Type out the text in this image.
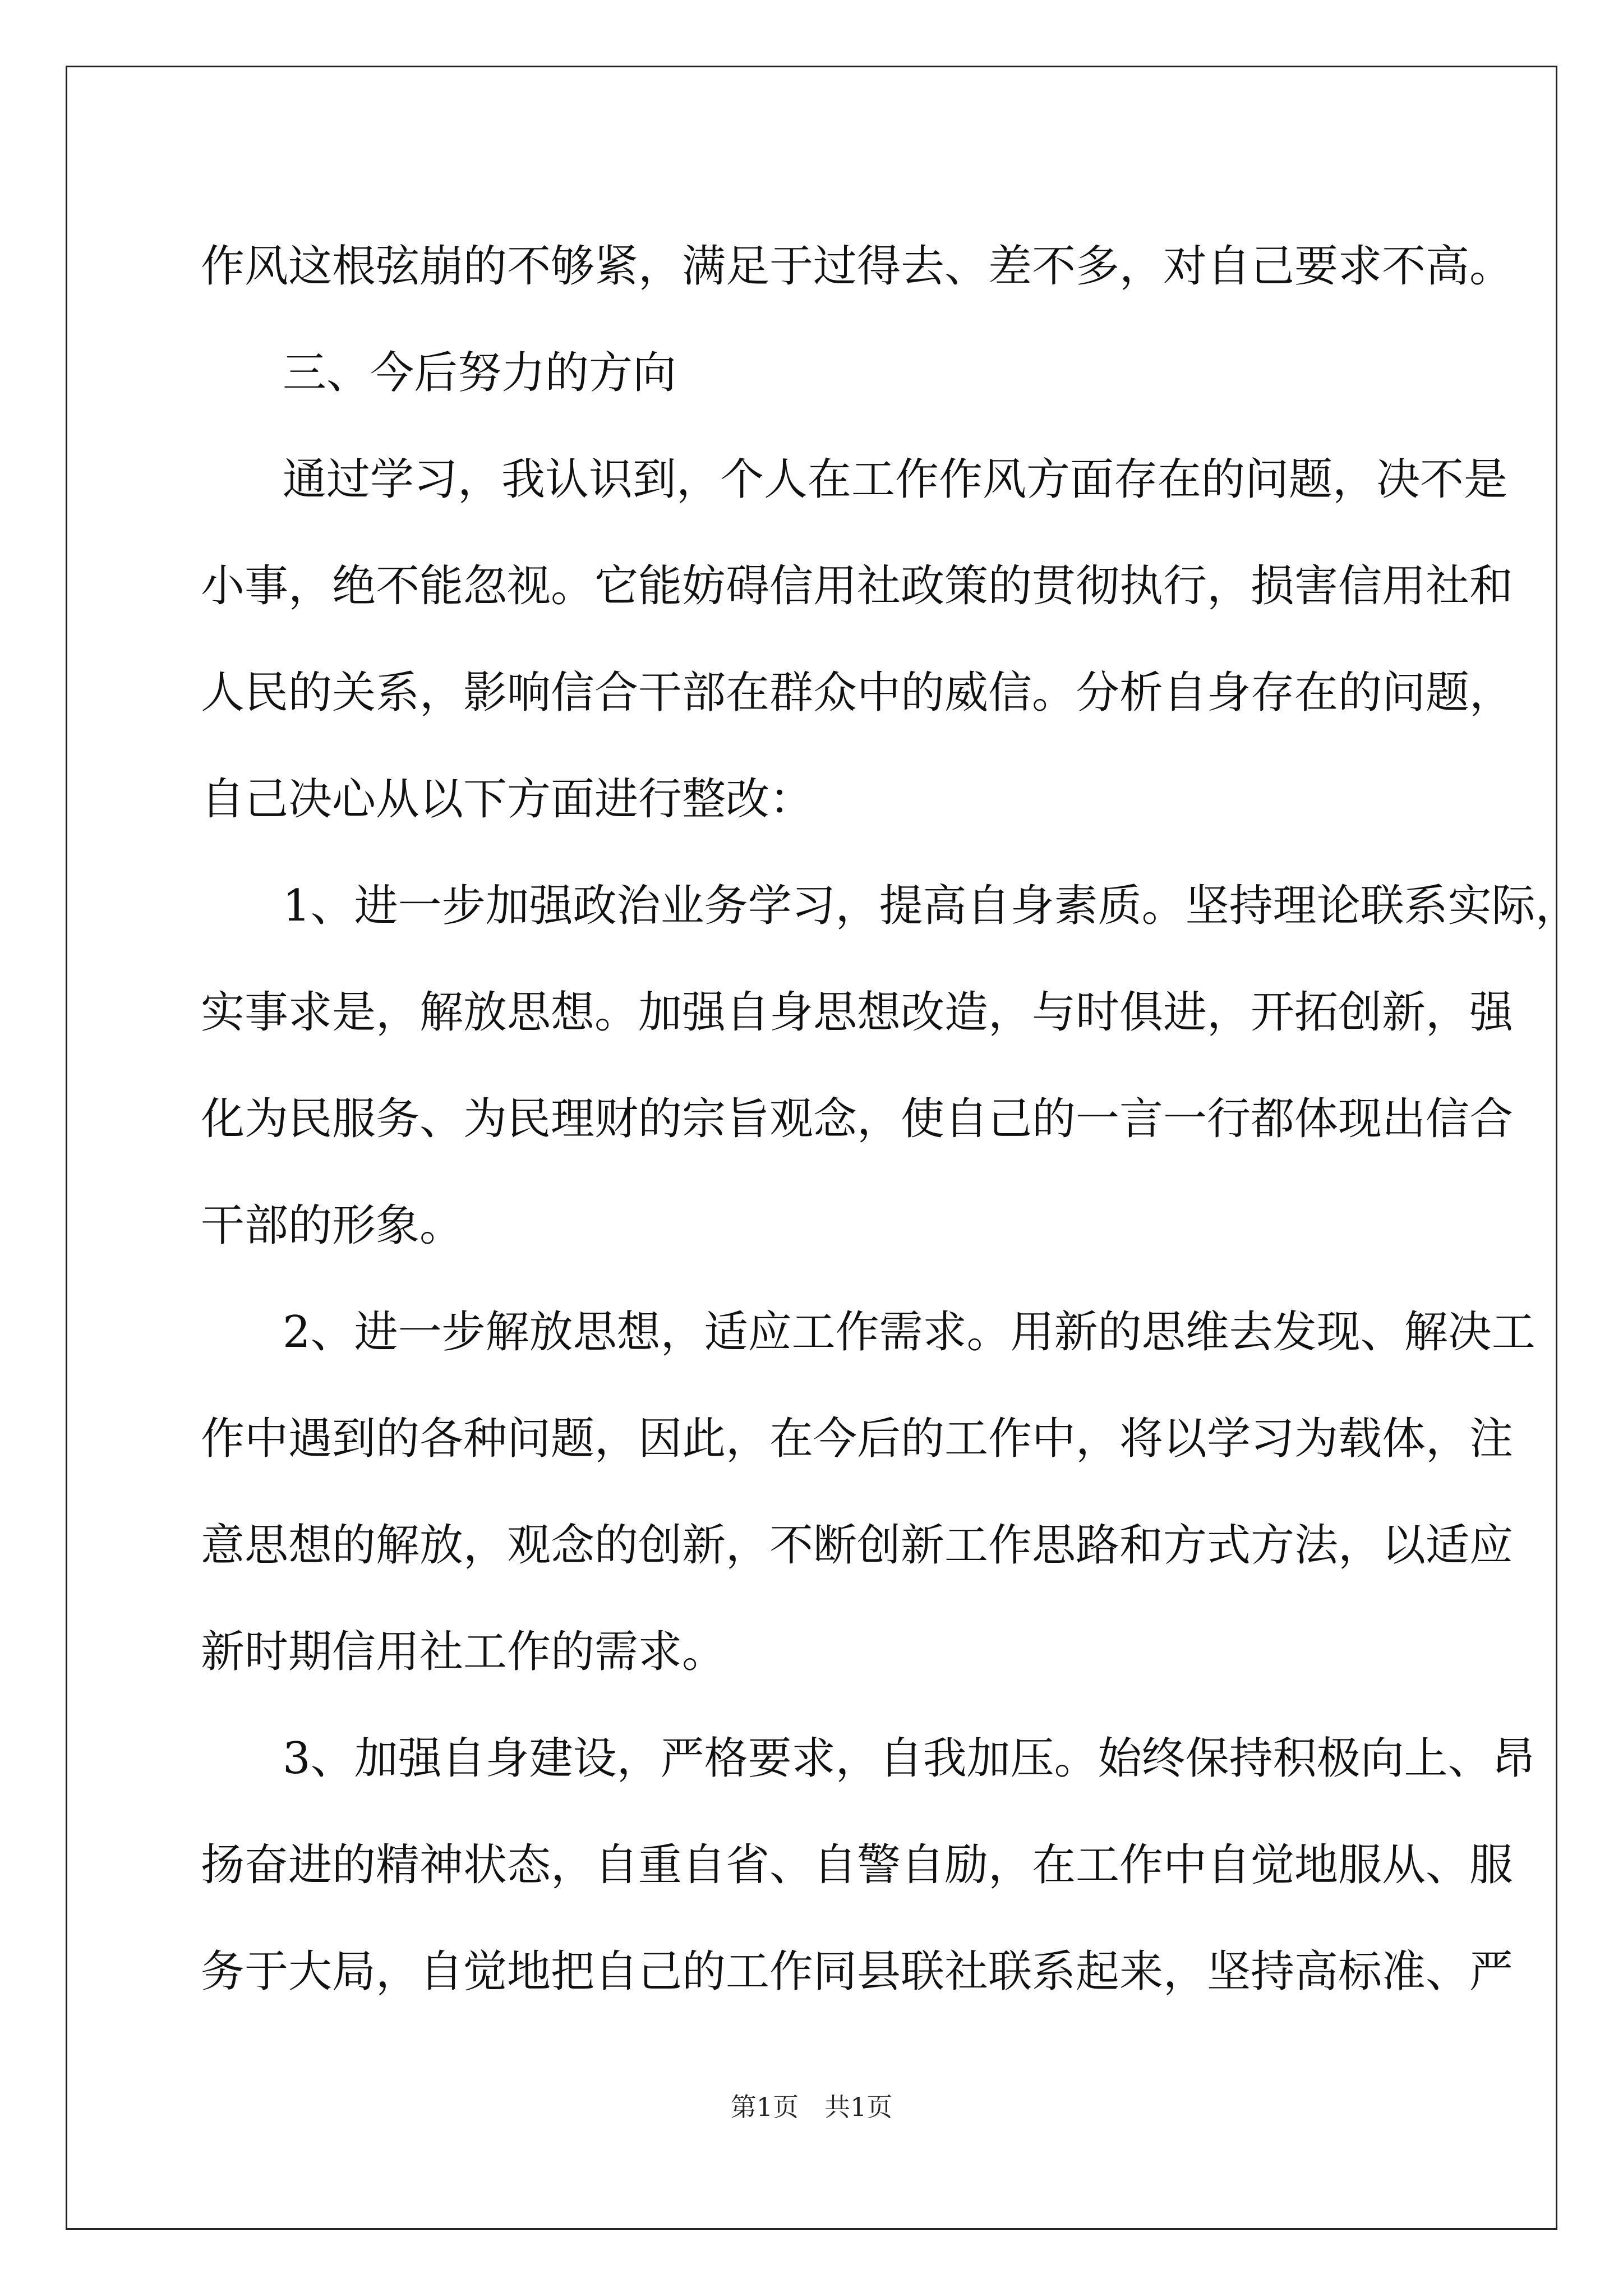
作风这根弦崩的不够紧，满足于过得去、差不多，对自己要求不高。
三、今后努力的方向
通过学习，我认识到，个人在工作作风方面存在的问题，决不是
小事，绝不能忽视。它能妨碍信用社政策的贯彻执行，损害信用社和
人民的关系，影响信合干部在群众中的威信。分析自身存在的问题，
自己决心从以下方面进行整改：
1、进一步加强政治业务学习，提高自身素质。坚持理论联系实际，
实事求是，解放思想。加强自身思想改造，与时俱进，开拓创新，强
化为民服务、为民理财的宗旨观念，使自己的一言一行都体现出信合
干部的形象。
2、进一步解放思想，适应工作需求。用新的思维去发现、解决工
作中遇到的各种问题，因此，在今后的工作中，将以学习为载体，注
意思想的解放，观念的创新，不断创新工作思路和方式方法，以适应
新时期信用社工作的需求。
3、加强自身建设，严格要求，自我加压。始终保持积极向上、昂
扬奋进的精神状态，自重自省、自警自励，在工作中自觉地服从、服
务于大局，自觉地把自己的工作同县联社联系起来，坚持高标准、严
第1页 共1页
